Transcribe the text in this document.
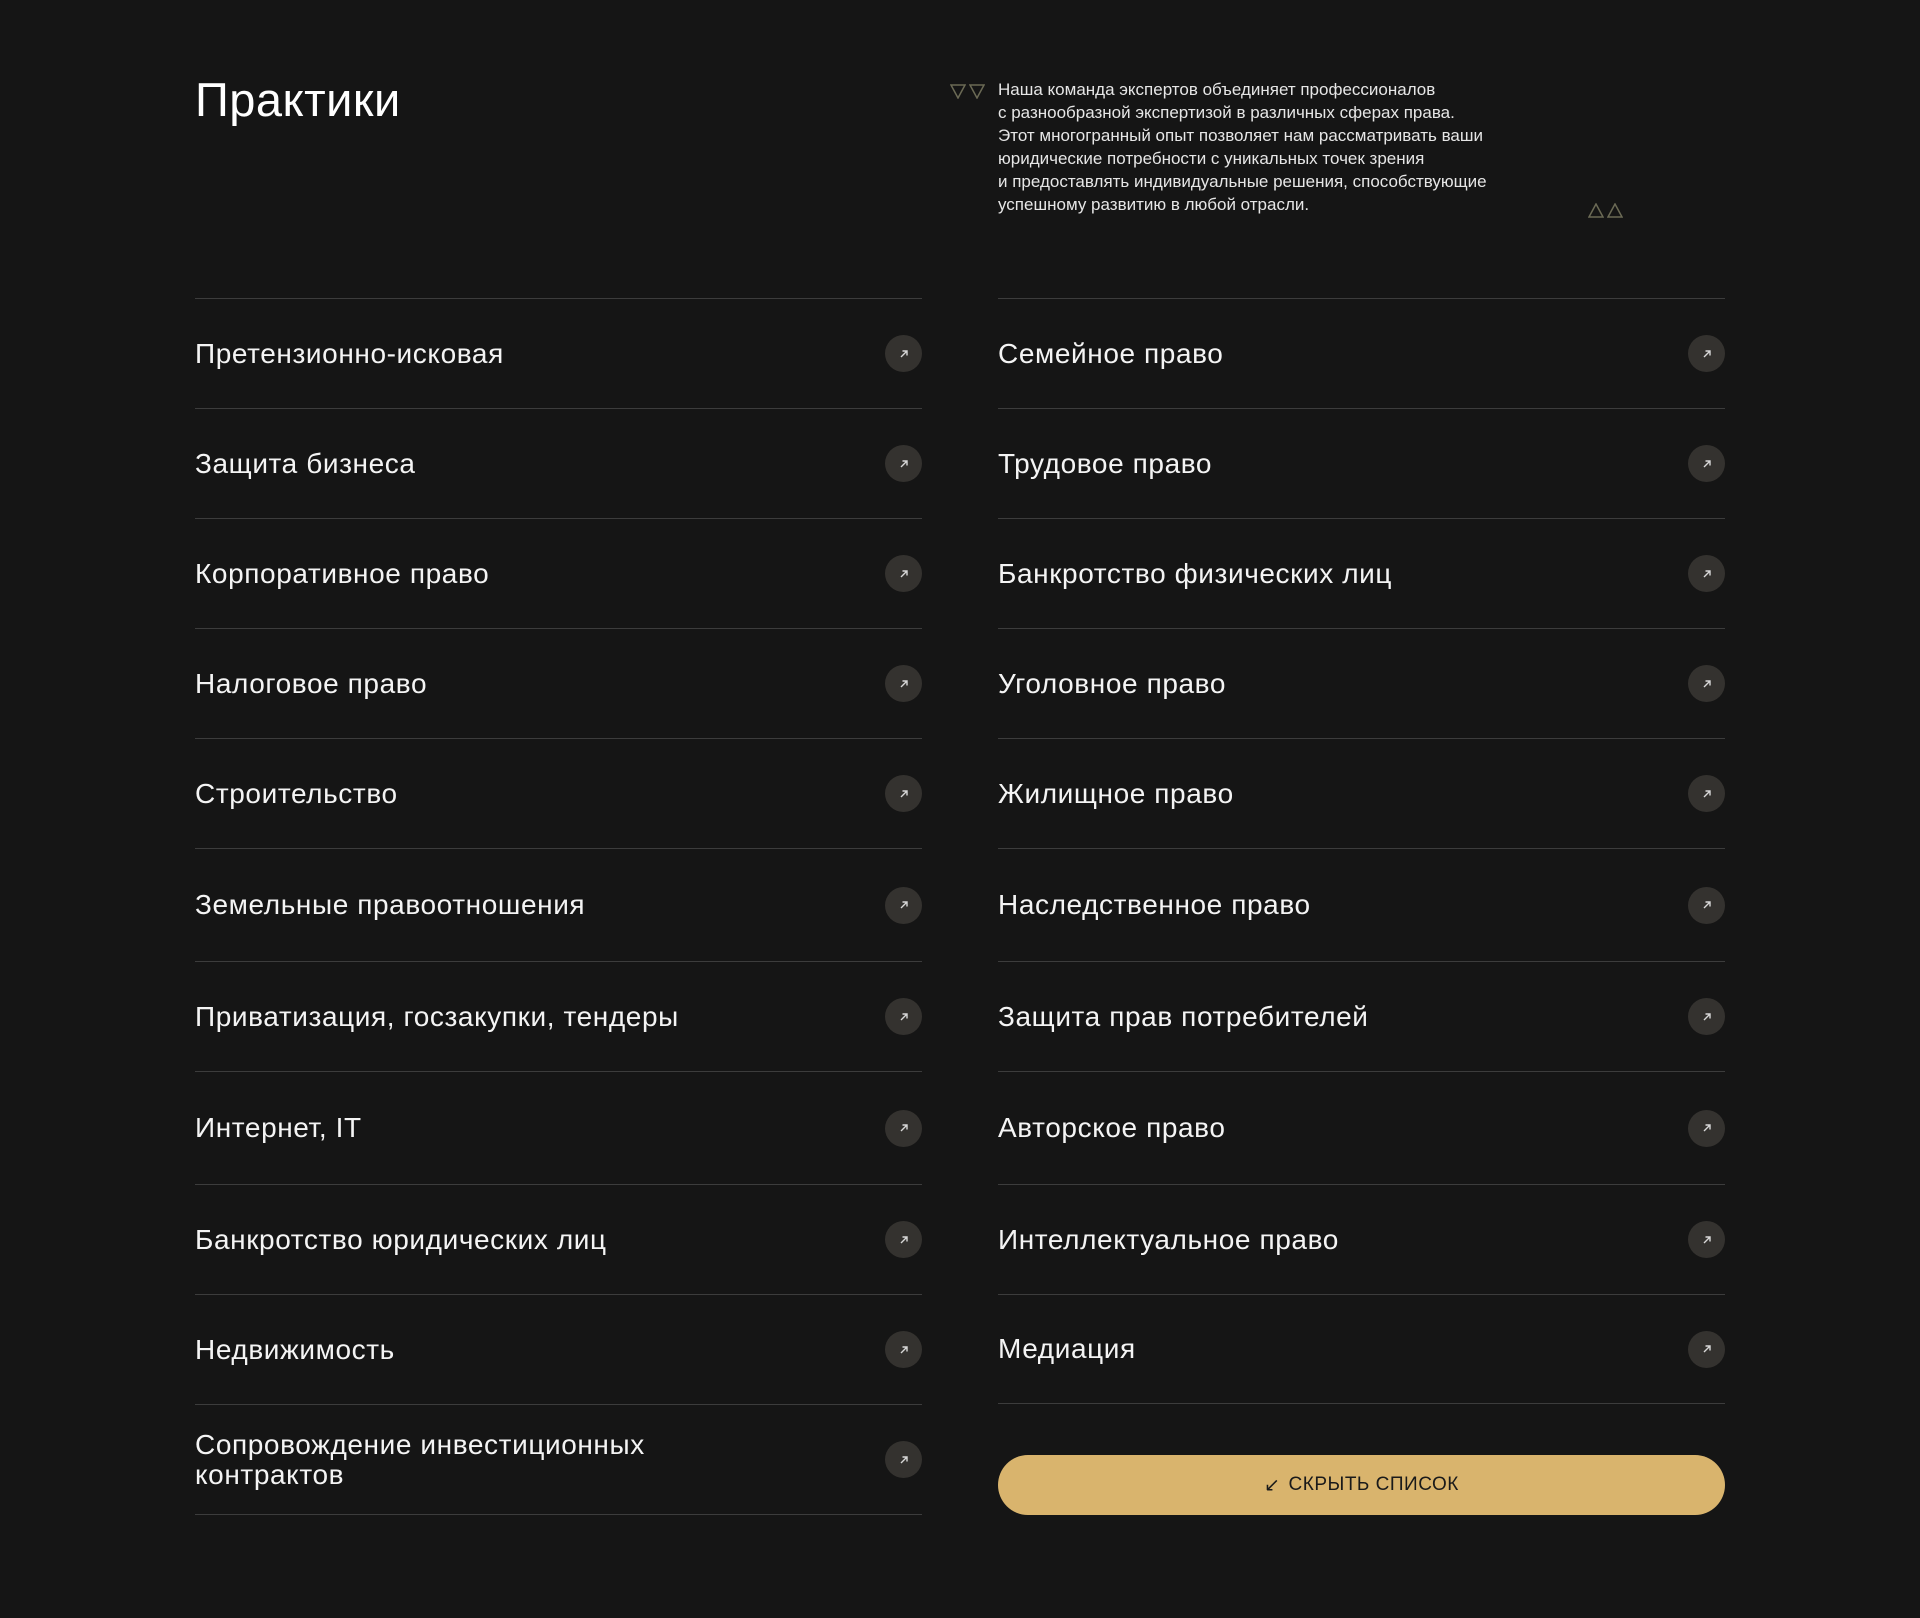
Практики	Наша команда экспертов объединяет профессионалов
с разнообразной экспертизой в различных сферах права.
Этот многогранный опыт позволяет нам рассматривать ваши
юридические потребности с уникальных точек зрения
и предоставлять индивидуальные решения, способствующие
успешному развитию в любой отрасли.
Претензионно-исковая
Защита бизнеса
Корпоративное право
Налоговое право
Строительство
Земельные правоотношения
Приватизация, госзакупки, тендеры
Интернет, IT
Банкротство юридических лиц
Недвижимость
Сопровождение инвестиционных контрактов
Семейное право
Трудовое право
Банкротство физических лиц
Уголовное право
Жилищное право
Наследственное право
Защита прав потребителей
Авторское право
Интеллектуальное право
Медиация
↙ СКРЫТЬ СПИСОК
